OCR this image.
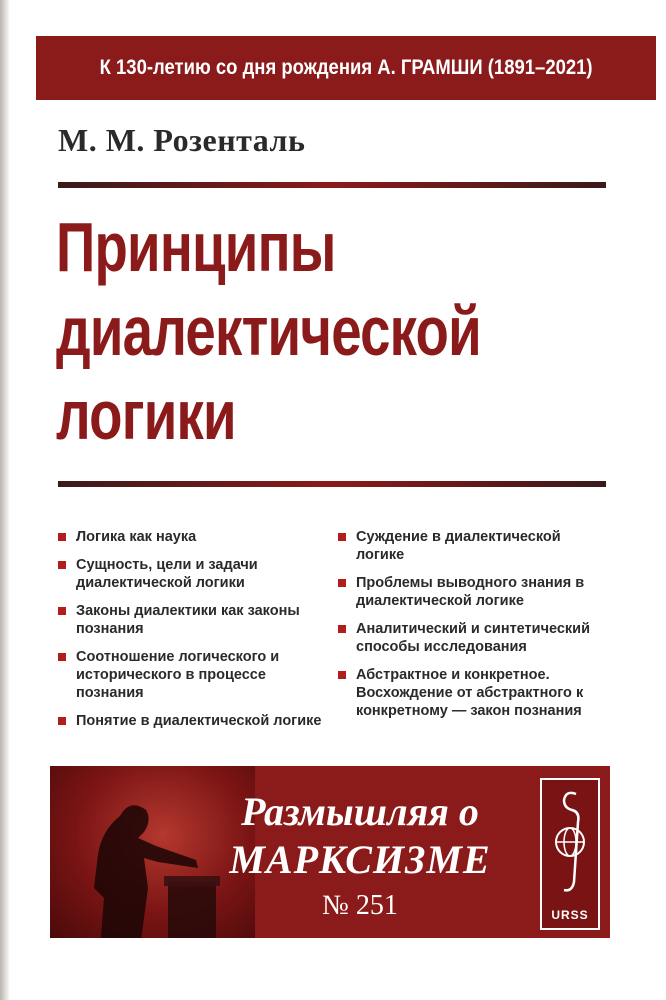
К 130-летию со дня рождения А. ГРАМШИ (1891–2021)
М. М. Розенталь
Принципы
диалектической
логики
Логика как наука
Сущность, цели и задачи диалектической логики
Законы диалектики как законы познания
Соотношение логического и исторического в процессе познания
Понятие в диалектической логике
Суждение в диалектической логике
Проблемы выводного знания в диалектической логике
Аналитический и синтетический способы исследования
Абстрактное и конкретное. Восхождение от абстрактного к конкретному — закон познания
Размышляя о
МАРКСИЗМЕ
№ 251	URSS
